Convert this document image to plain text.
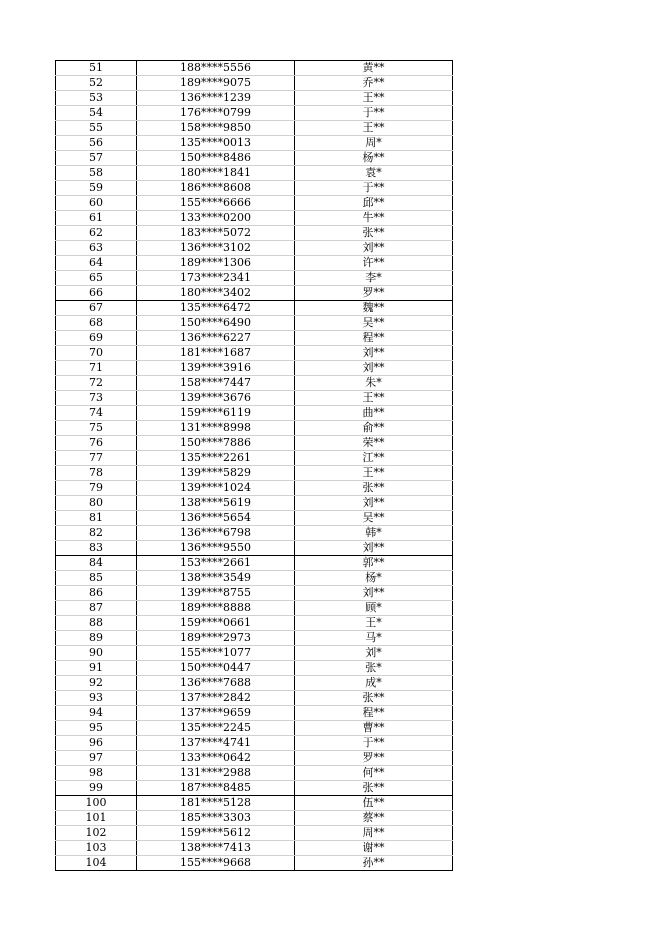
51	188****5556	黄**
52	189****9075	乔**
53	136****1239	王**
54	176****0799	于**
55	158****9850	王**
56	135****0013	周*
57	150****8486	杨**
58	180****1841	袁*
59	186****8608	于**
60	155****6666	邱**
61	133****0200	牛**
62	183****5072	张**
63	136****3102	刘**
64	189****1306	许**
65	173****2341	李*
66	180****3402	罗**
67	135****6472	魏**
68	150****6490	吴**
69	136****6227	程**
70	181****1687	刘**
71	139****3916	刘**
72	158****7447	朱*
73	139****3676	王**
74	159****6119	曲**
75	131****8998	俞**
76	150****7886	荣**
77	135****2261	江**
78	139****5829	王**
79	139****1024	张**
80	138****5619	刘**
81	136****5654	吴**
82	136****6798	韩*
83	136****9550	刘**
84	153****2661	郭**
85	138****3549	杨*
86	139****8755	刘**
87	189****8888	顾*
88	159****0661	王*
89	189****2973	马*
90	155****1077	刘*
91	150****0447	张*
92	136****7688	成*
93	137****2842	张**
94	137****9659	程**
95	135****2245	曹**
96	137****4741	于**
97	133****0642	罗**
98	131****2988	何**
99	187****8485	张**
100	181****5128	伍**
101	185****3303	蔡**
102	159****5612	周**
103	138****7413	谢**
104	155****9668	孙**
